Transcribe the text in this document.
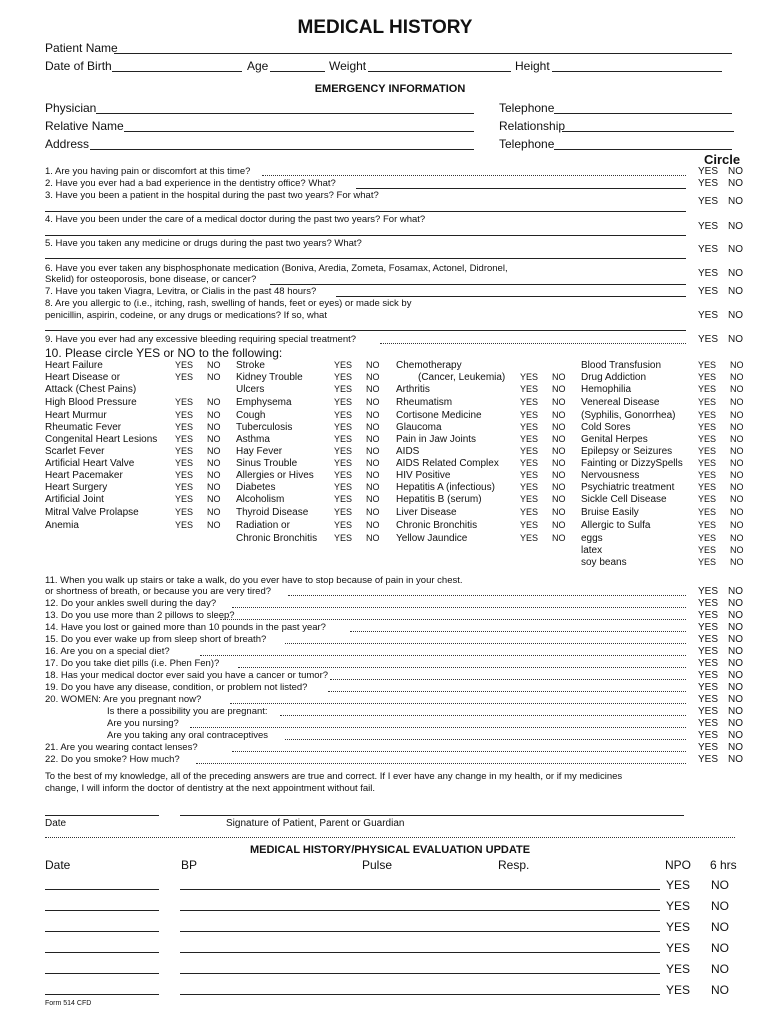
MEDICAL HISTORY
Patient Name
Date of Birth	Age	Weight	Height
EMERGENCY INFORMATION
Physician	Telephone
Relative Name	Relationship
Address	Telephone
Circle
1. Are you having pain or discomfort at this time?	YES NO
2. Have you ever had a bad experience in the dentistry office? What?	YES NO
3. Have you been a patient in the hospital during the past two years? For what?
YES NO
4. Have you been under the care of a medical doctor during the past two years? For what?
YES NO
5. Have you taken any medicine or drugs during the past two years? What?
YES NO
6. Have you ever taken any bisphosphonate medication (Boniva, Aredia, Zometa, Fosamax, Actonel, Didronel,
Skelid) for osteoporosis, bone disease, or cancer?
YES NO
7. Have you taken Viagra, Levitra, or Cialis in the past 48 hours?	YES NO
8. Are you allergic to (i.e., itching, rash, swelling of hands, feet or eyes) or made sick by
penicillin, aspirin, codeine, or any drugs or medications? If so, what	YES NO
9. Have you ever had any excessive bleeding requiring special treatment?	YES NO
10. Please circle YES or NO to the following:
Heart Failure	YES NO
Heart Disease or	YES NO
Attack (Chest Pains)
High Blood Pressure	YES NO
Heart Murmur	YES NO
Rheumatic Fever	YES NO
Congenital Heart Lesions YES NO
Scarlet Fever	YES NO
Artificial Heart Valve	YES NO
Heart Pacemaker	YES NO
Heart Surgery	YES NO
Artificial Joint	YES NO
Mitral Valve Prolapse	YES NO
Anemia	YES NO
Stroke	YES NO
Kidney Trouble	YES NO
Ulcers	YES NO
Emphysema	YES NO
Cough	YES NO
Tuberculosis	YES NO
Asthma	YES NO
Hay Fever	YES NO
Sinus Trouble	YES NO
Allergies or Hives YES NO
Diabetes	YES NO
Alcoholism	YES NO
Thyroid Disease	YES NO
Radiation or	YES NO
Chronic Bronchitis YES NO
Chemotherapy
(Cancer, Leukemia) YES NO
Arthritis	YES NO
Rheumatism	YES NO
Cortisone Medicine	YES NO
Glaucoma	YES NO
Pain in Jaw Joints	YES NO
AIDS	YES NO
AIDS Related Complex YES NO
HIV Positive	YES NO
Hepatitis A (infectious)	YES NO
Hepatitis B (serum)	YES NO
Liver Disease	YES NO
Chronic Bronchitis	YES NO
Yellow Jaundice	YES NO
Blood Transfusion	YES NO
Drug Addiction	YES NO
Hemophilia	YES NO
Venereal Disease	YES NO
(Syphilis, Gonorrhea)	YES NO
Cold Sores	YES NO
Genital Herpes	YES NO
Epilepsy or Seizures	YES NO
Fainting or DizzySpells YES NO
Nervousness	YES NO
Psychiatric treatment	YES NO
Sickle Cell Disease	YES NO
Bruise Easily	YES NO
Allergic to Sulfa	YES NO
eggs	YES NO
latex	YES NO
soy beans	YES NO
11. When you walk up stairs or take a walk, do you ever have to stop because of pain in your chest.
or shortness of breath, or because you are very tired?	YES NO
12. Do your ankles swell during the day?	YES NO
13. Do you use more than 2 pillows to sleep?	YES NO
14. Have you lost or gained more than 10 pounds in the past year?	YES NO
15. Do you ever wake up from sleep short of breath?	YES NO
16. Are you on a special diet?	YES NO
17. Do you take diet pills (i.e. Phen Fen)?	YES NO
18. Has your medical doctor ever said you have a cancer or tumor?	YES NO
19. Do you have any disease, condition, or problem not listed?	YES NO
20. WOMEN: Are you pregnant now?	YES NO
Is there a possibility you are pregnant:	YES NO
Are you nursing?	YES NO
Are you taking any oral contraceptives	YES NO
21. Are you wearing contact lenses?	YES NO
22. Do you smoke? How much?	YES NO
To the best of my knowledge, all of the preceding answers are true and correct. If I ever have any change in my health, or if my medicines
change, I will inform the doctor of dentistry at the next appointment without fail.
Date	Signature of Patient, Parent or Guardian
MEDICAL HISTORY/PHYSICAL EVALUATION UPDATE
Date	BP	Pulse	Resp.	NPO 6 hrs
YES NO
YES NO
YES NO
YES NO
YES NO
YES NO
Form 514 CFD
